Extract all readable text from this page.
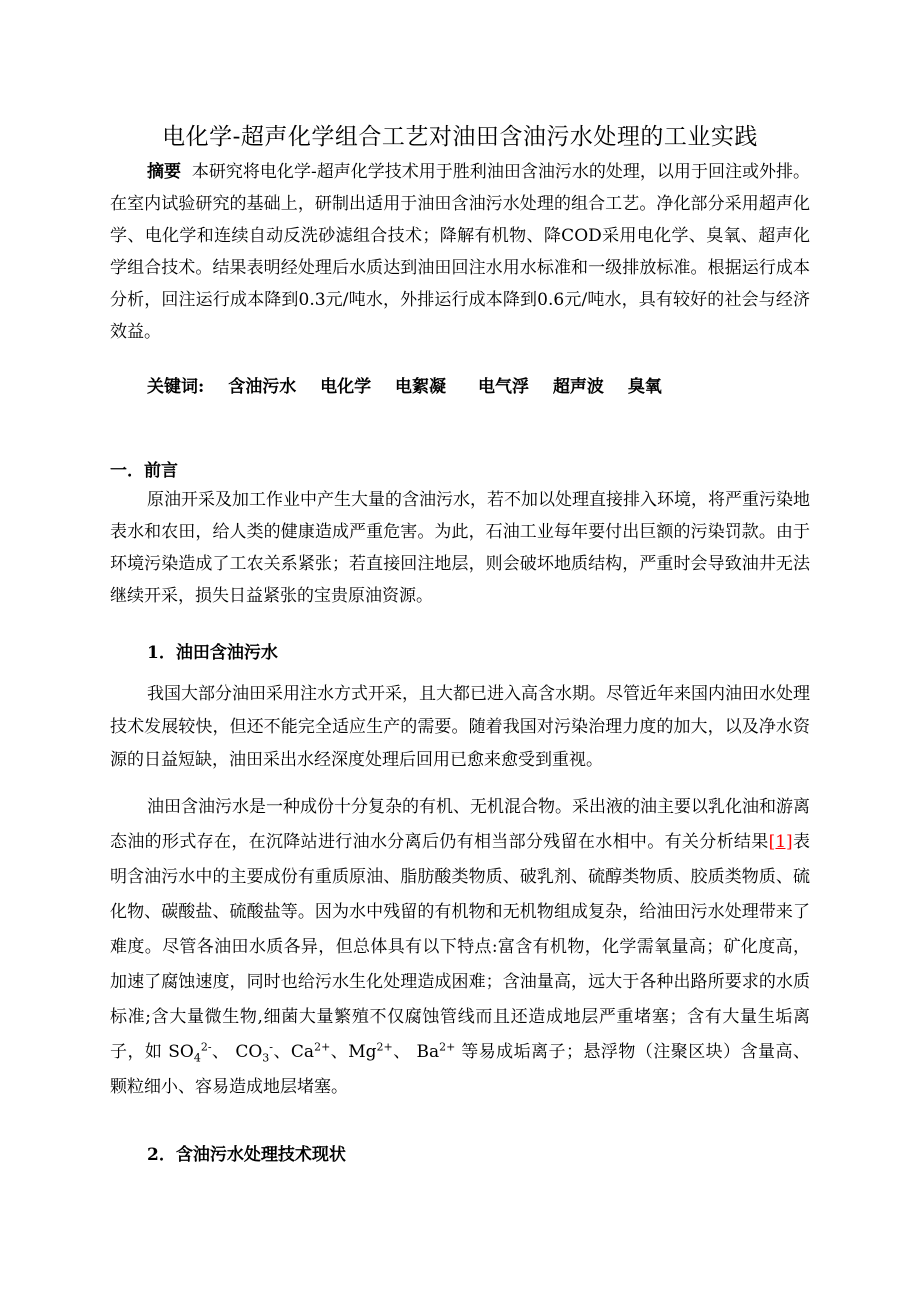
电化学-超声化学组合工艺对油田含油污水处理的工业实践
摘要 本研究将电化学-超声化学技术用于胜利油田含油污水的处理，以用于回注或外排。在室内试验研究的基础上，研制出适用于油田含油污水处理的组合工艺。净化部分采用超声化学、电化学和连续自动反洗砂滤组合技术；降解有机物、降COD采用电化学、臭氧、超声化学组合技术。结果表明经处理后水质达到油田回注水用水标准和一级排放标准。根据运行成本分析，回注运行成本降到0.3元/吨水，外排运行成本降到0.6元/吨水，具有较好的社会与经济效益。
关键词: 含油污水 电化学 电絮凝 电气浮 超声波 臭氧
一．前言
原油开采及加工作业中产生大量的含油污水，若不加以处理直接排入环境，将严重污染地表水和农田，给人类的健康造成严重危害。为此，石油工业每年要付出巨额的污染罚款。由于环境污染造成了工农关系紧张；若直接回注地层，则会破坏地质结构，严重时会导致油井无法继续开采，损失日益紧张的宝贵原油资源。
1．油田含油污水
我国大部分油田采用注水方式开采，且大都已进入高含水期。尽管近年来国内油田水处理技术发展较快，但还不能完全适应生产的需要。随着我国对污染治理力度的加大，以及净水资源的日益短缺，油田采出水经深度处理后回用已愈来愈受到重视。
油田含油污水是一种成份十分复杂的有机、无机混合物。采出液的油主要以乳化油和游离态油的形式存在，在沉降站进行油水分离后仍有相当部分残留在水相中。有关分析结果[1]表明含油污水中的主要成份有重质原油、脂肪酸类物质、破乳剂、硫醇类物质、胶质类物质、硫化物、碳酸盐、硫酸盐等。因为水中残留的有机物和无机物组成复杂，给油田污水处理带来了难度。尽管各油田水质各异，但总体具有以下特点:富含有机物，化学需氧量高；矿化度高，加速了腐蚀速度，同时也给污水生化处理造成困难；含油量高，远大于各种出路所要求的水质标准;含大量微生物,细菌大量繁殖不仅腐蚀管线而且还造成地层严重堵塞；含有大量生垢离子，如 $SO_4^{2-}$、 $CO_3^-$、$Ca^{2+}$、$Mg^{2+}$、 $Ba^{2+}$ 等易成垢离子；悬浮物（注聚区块）含量高、颗粒细小、容易造成地层堵塞。
2．含油污水处理技术现状
